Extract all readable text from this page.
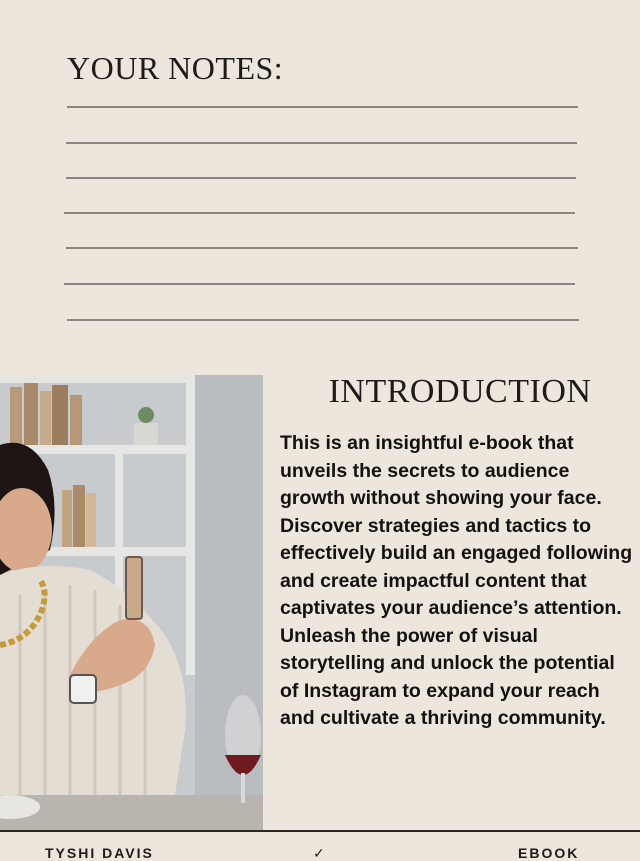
YOUR NOTES:
INTRODUCTION

This is an insightful e-book that unveils the secrets to audience growth without showing your face. Discover strategies and tactics to effectively build an engaged following and create impactful content that captivates your audience’s attention. Unleash the power of visual storytelling and unlock the potential of Instagram to expand your reach and cultivate a thriving community.

TYSHI DAVIS	✓	EBOOK
